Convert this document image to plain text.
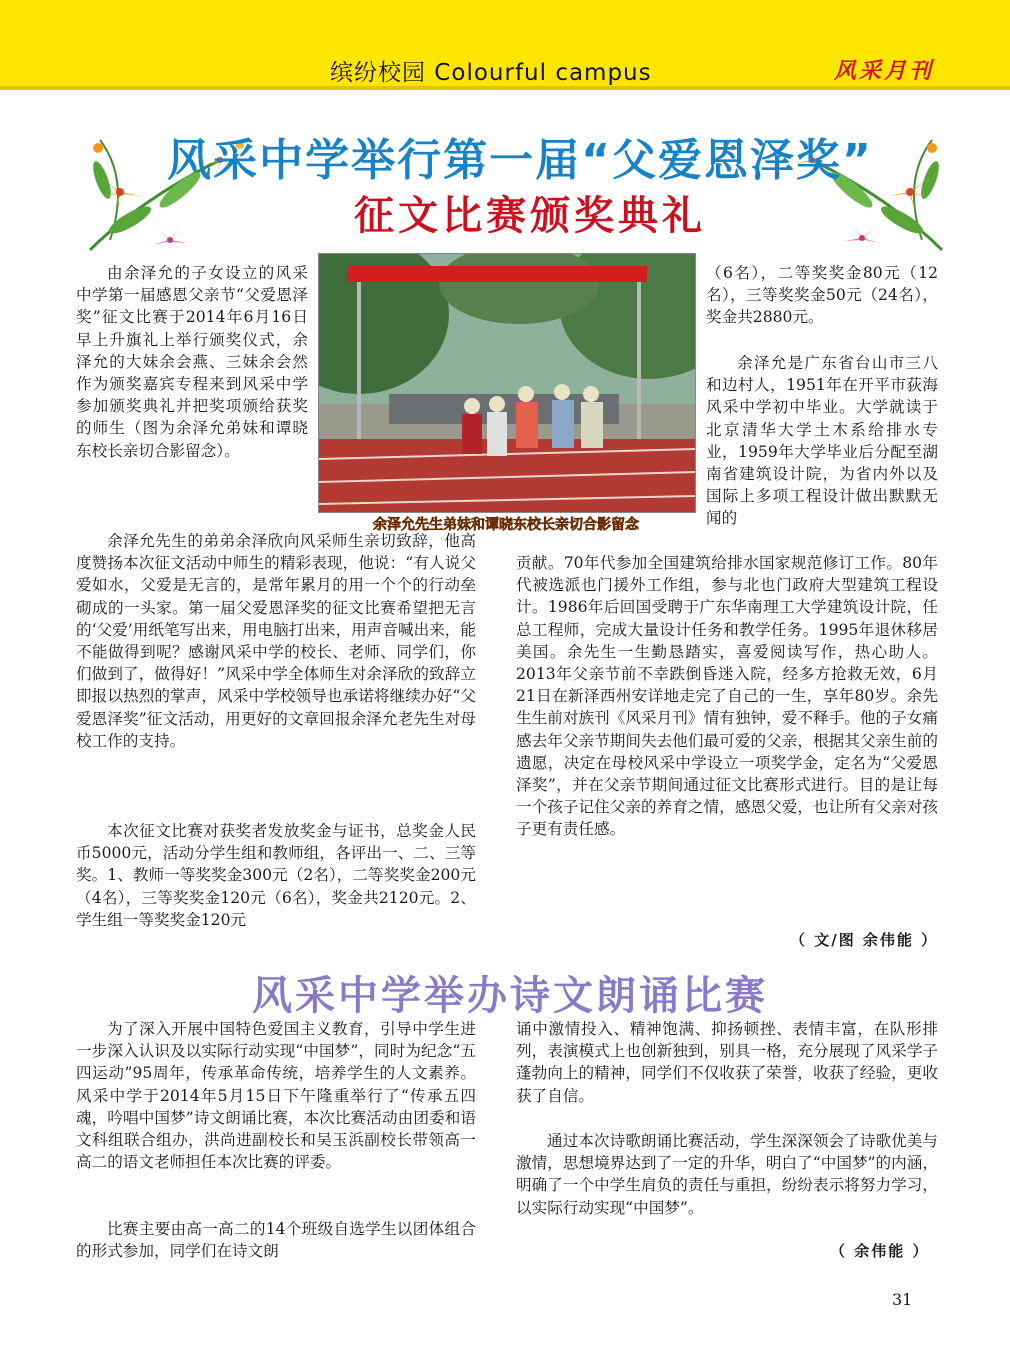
缤纷校园 Colourful campus	风采月刊
风采中学举行第一届“父爱恩泽奖”
征文比赛颁奖典礼

由余泽允的子女设立的风采中学第一届感恩父亲节“父爱恩泽奖”征文比赛于2014年6月16日早上升旗礼上举行颁奖仪式，余泽允的大妹余会燕、三妹余会然作为颁奖嘉宾专程来到风采中学参加颁奖典礼并把奖项颁给获奖的师生（图为余泽允弟妹和谭晓东校长亲切合影留念）。

余泽允先生的弟弟余泽欣向风采师生亲切致辞，他高度赞扬本次征文活动中师生的精彩表现，他说：“有人说父爱如水，父爱是无言的，是常年累月的用一个个的行动垒砌成的一头家。第一届父爱恩泽奖的征文比赛希望把无言的‘父爱’用纸笔写出来，用电脑打出来，用声音喊出来，能不能做得到呢？感谢风采中学的校长、老师、同学们，你们做到了，做得好！”风采中学全体师生对余泽欣的致辞立即报以热烈的掌声，风采中学校领导也承诺将继续办好“父爱恩泽奖”征文活动，用更好的文章回报余泽允老先生对母校工作的支持。

本次征文比赛对获奖者发放奖金与证书，总奖金人民币5000元，活动分学生组和教师组，各评出一、二、三等奖。1、教师一等奖奖金300元（2名），二等奖奖金200元（4名），三等奖奖金120元（6名），奖金共2120元。2、学生组一等奖奖金120元

余泽允先生弟妹和谭晓东校长亲切合影留念

（6名），二等奖奖金80元（12名），三等奖奖金50元（24名），奖金共2880元。

余泽允是广东省台山市三八和边村人，1951年在开平市荻海风采中学初中毕业。大学就读于北京清华大学土木系给排水专业，1959年大学毕业后分配至湖南省建筑设计院，为省内外以及国际上多项工程设计做出默默无闻的

贡献。70年代参加全国建筑给排水国家规范修订工作。80年代被选派也门援外工作组，参与北也门政府大型建筑工程设计。1986年后回国受聘于广东华南理工大学建筑设计院，任总工程师，完成大量设计任务和教学任务。1995年退休移居美国。余先生一生勤恳踏实，喜爱阅读写作，热心助人。2013年父亲节前不幸跌倒昏迷入院，经多方抢救无效，6月21日在新泽西州安详地走完了自己的一生，享年80岁。余先生生前对族刊《风采月刊》情有独钟，爱不释手。他的子女痛感去年父亲节期间失去他们最可爱的父亲，根据其父亲生前的遗愿，决定在母校风采中学设立一项奖学金，定名为“父爱恩泽奖”，并在父亲节期间通过征文比赛形式进行。目的是让每一个孩子记住父亲的养育之情，感恩父爱，也让所有父亲对孩子更有责任感。

（ 文/图 余伟能 ）
风采中学举办诗文朗诵比赛

为了深入开展中国特色爱国主义教育，引导中学生进一步深入认识及以实际行动实现“中国梦”，同时为纪念“五四运动”95周年，传承革命传统，培养学生的人文素养。风采中学于2014年5月15日下午隆重举行了“传承五四魂，吟唱中国梦”诗文朗诵比赛，本次比赛活动由团委和语文科组联合组办，洪尚进副校长和吴玉浜副校长带领高一高二的语文老师担任本次比赛的评委。

比赛主要由高一高二的14个班级自选学生以团体组合的形式参加，同学们在诗文朗

诵中激情投入、精神饱满、抑扬顿挫、表情丰富，在队形排列，表演模式上也创新独到，别具一格，充分展现了风采学子蓬勃向上的精神，同学们不仅收获了荣誉，收获了经验，更收获了自信。

通过本次诗歌朗诵比赛活动，学生深深领会了诗歌优美与激情，思想境界达到了一定的升华，明白了“中国梦”的内涵，明确了一个中学生肩负的责任与重担，纷纷表示将努力学习，以实际行动实现“中国梦”。

（ 余伟能 ）
31
